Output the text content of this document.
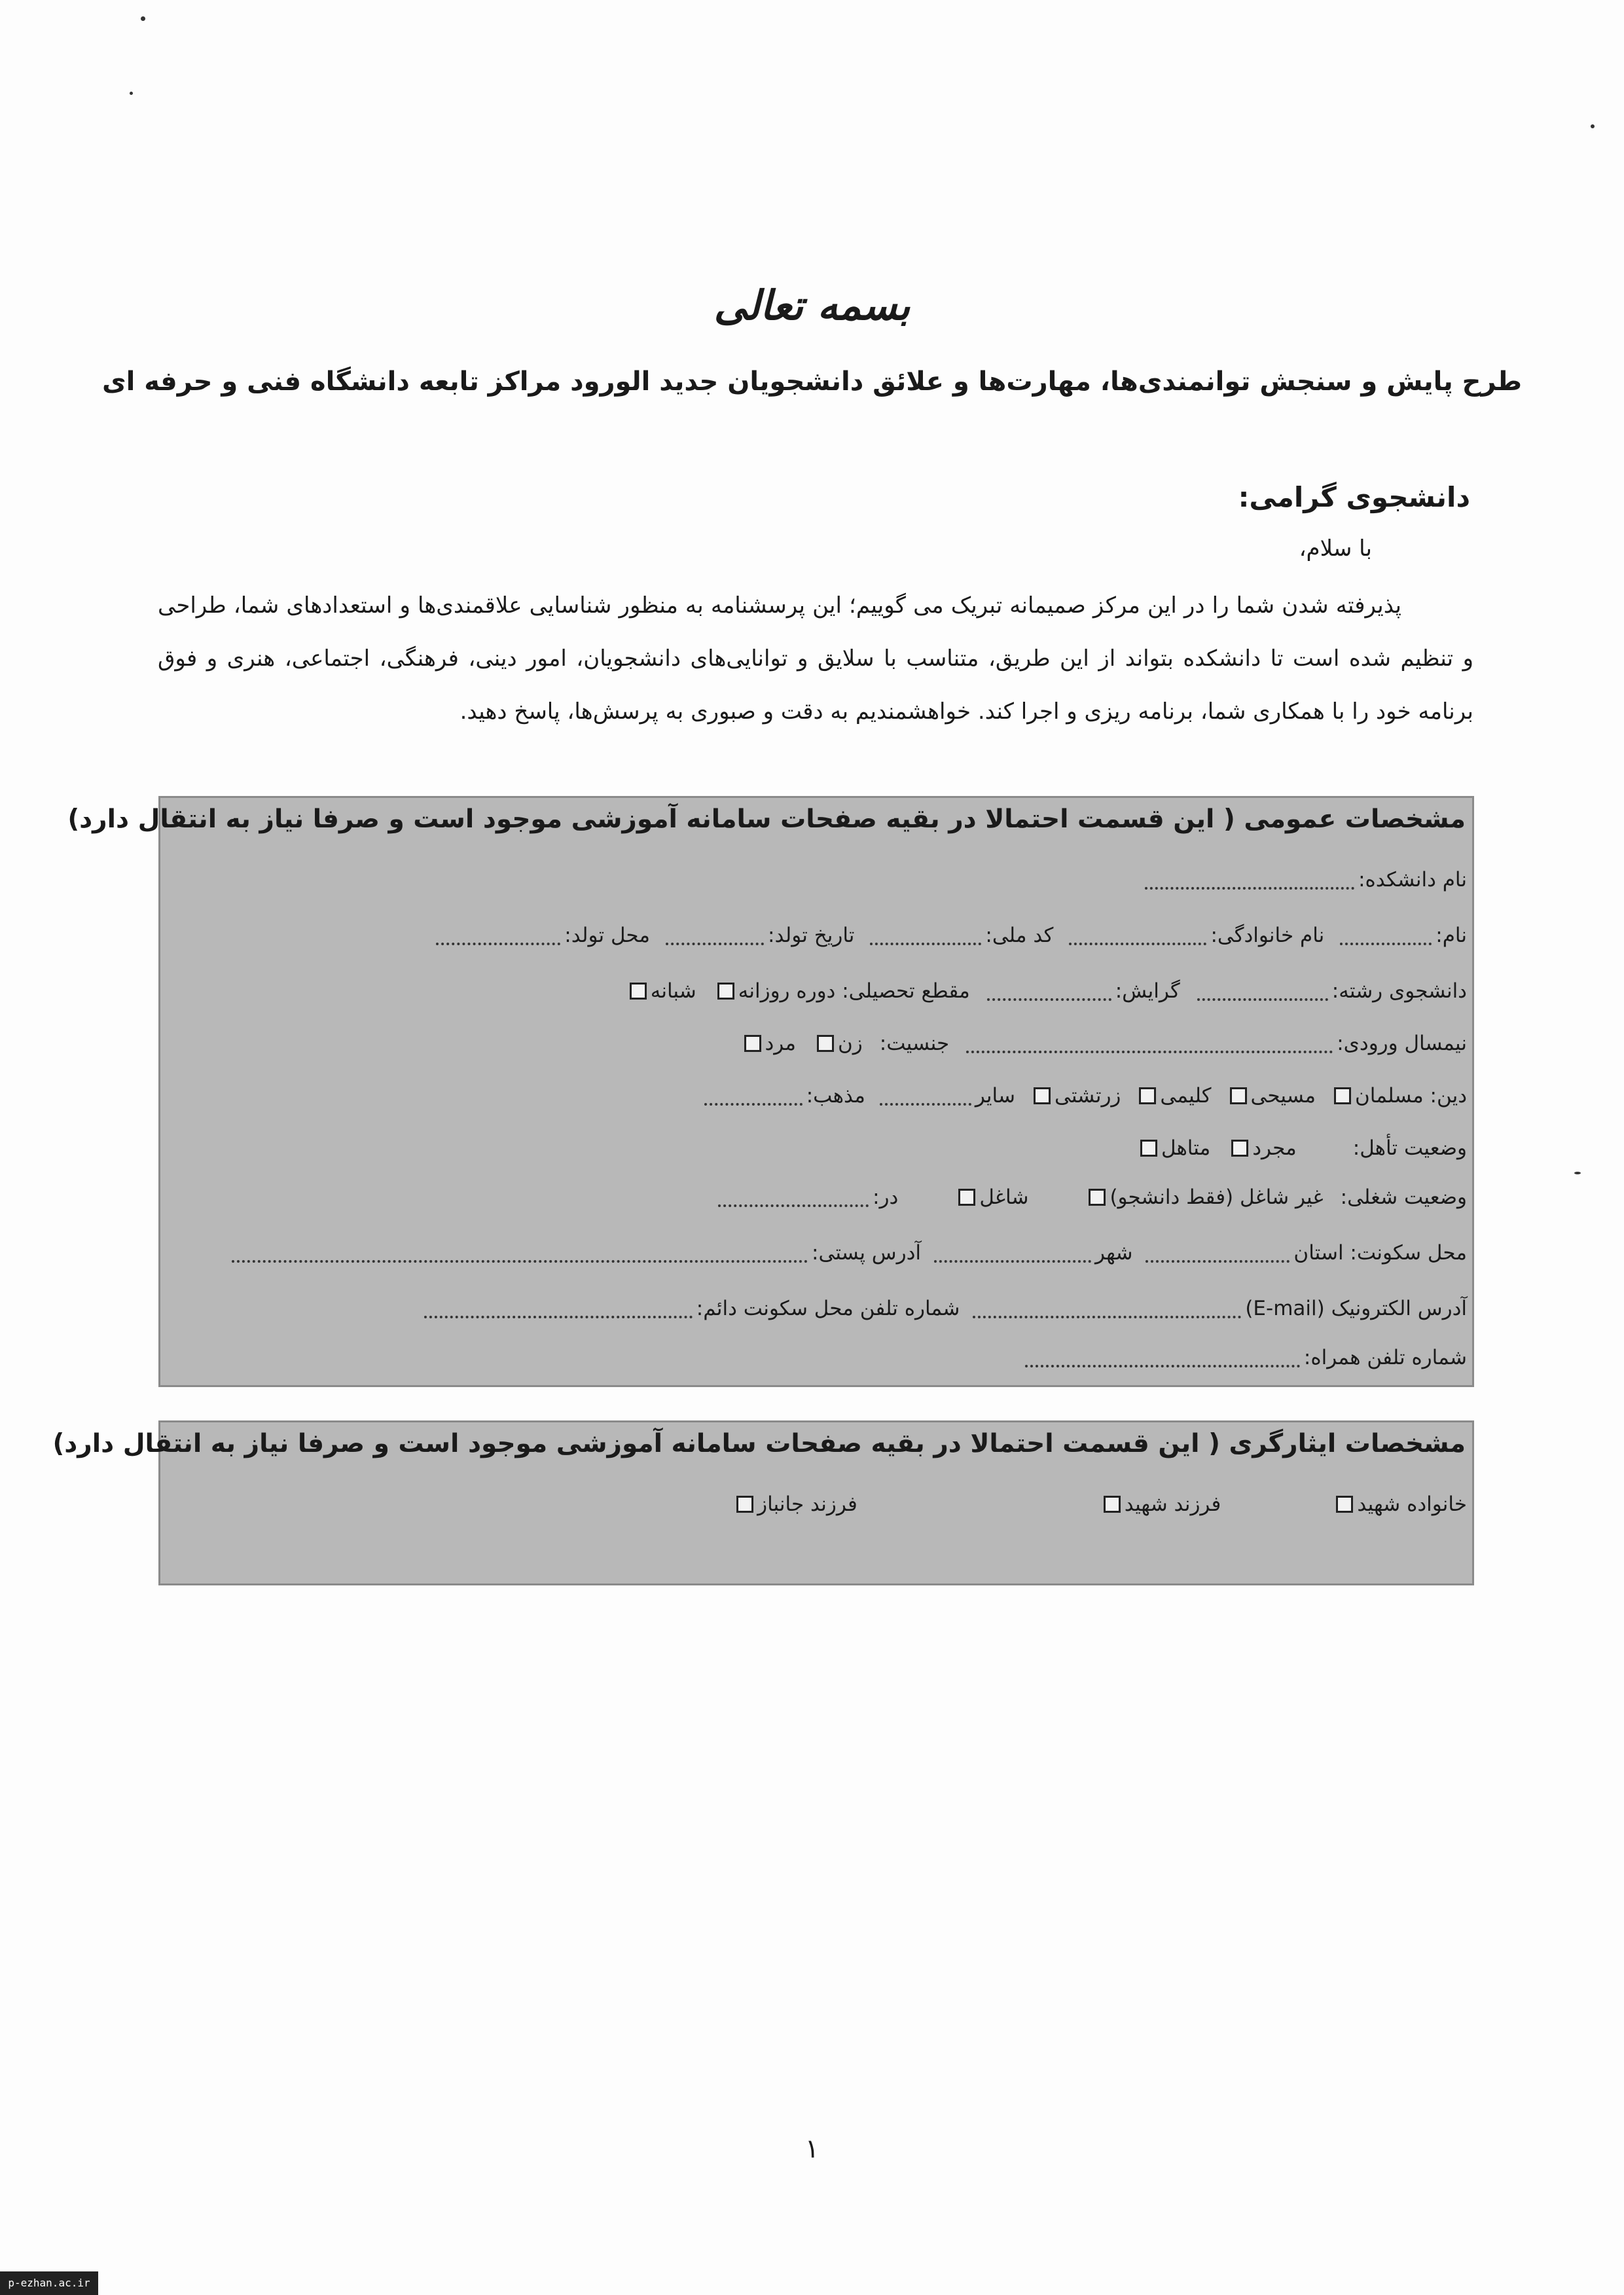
بسمه تعالی
طرح پایش و سنجش توانمندی‌ها، مهارت‌ها و علائق دانشجویان جدید الورود مراکز تابعه دانشگاه فنی و حرفه ای
دانشجوی گرامی:
با سلام،
پذیرفته شدن شما را در این مرکز صمیمانه تبریک می گوییم؛ این پرسشنامه به منظور شناسایی علاقمندی‌ها و استعدادهای شما، طراحی و تنظیم شده است تا دانشکده بتواند از این طریق، متناسب با سلایق و توانایی‌های دانشجویان، امور دینی، فرهنگی، اجتماعی، هنری و فوق برنامه خود را با همکاری شما، برنامه ریزی و اجرا کند. خواهشمندیم به دقت و صبوری به پرسش‌ها، پاسخ دهید.
مشخصات عمومی ( این قسمت احتمالا در بقیه صفحات سامانه آموزشی موجود است و صرفا نیاز به انتقال دارد)
نام دانشکده:
نام:
نام خانوادگی:
کد ملی:
تاریخ تولد:
محل تولد:
دانشجوی رشته:
گرایش:
مقطع تحصیلی: دوره روزانه
شبانه
نیمسال ورودی:
جنسیت:
زن
مرد
دین: مسلمان
مسیحی
کلیمی
زرتشتی
سایر
مذهب:
وضعیت تأهل:
مجرد
متاهل
وضعیت شغلی:
غیر شاغل (فقط دانشجو)
شاغل
در:
محل سکونت: استان
شهر
آدرس پستی:
آدرس الکترونیک (E-mail)
شماره تلفن محل سکونت دائم:
شماره تلفن همراه:
مشخصات ایثارگری ( این قسمت احتمالا در بقیه صفحات سامانه آموزشی موجود است و صرفا نیاز به انتقال دارد)
خانواده شهید
فرزند شهید
فرزند جانباز
۱
p-ezhan.ac.ir
